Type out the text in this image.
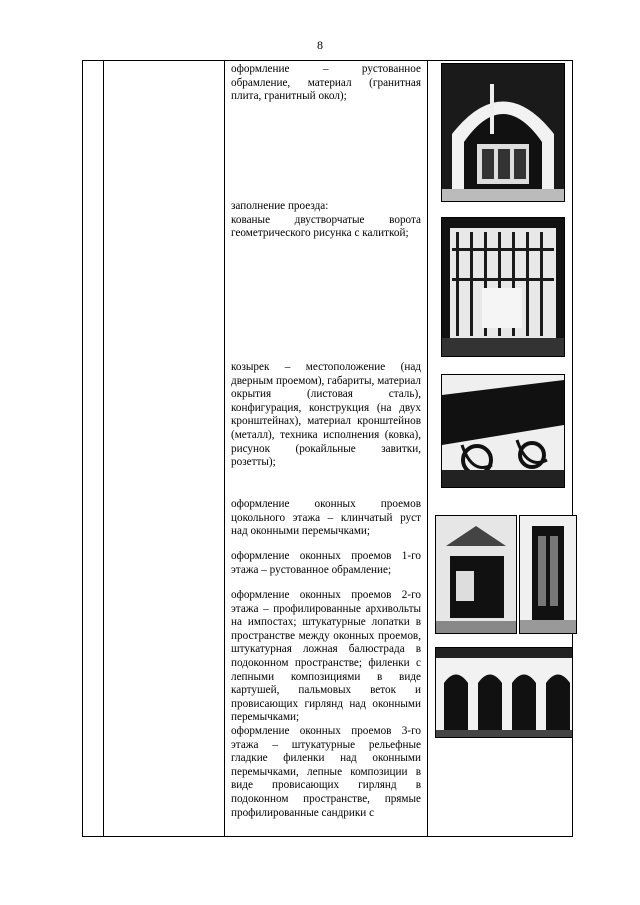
8

оформление – рустованное обрамление, материал (гранитная плита, гранитный окол);

заполнение проезда:

кованые двустворчатые ворота геометрического рисунка с калиткой;

козырек – местоположение (над дверным проемом), габариты, материал окрытия (листовая сталь), конфигурация, конструкция (на двух кронштейнах), материал кронштейнов (металл), техника исполнения (ковка), рисунок (рокайльные завитки, розетты);

оформление оконных проемов цокольного этажа – клинчатый руст над оконными перемычками;

оформление оконных проемов 1-го этажа – рустованное обрамление;

оформление оконных проемов 2-го этажа – профилированные архивольты на импостах; штукатурные лопатки в пространстве между оконных проемов, штукатурная ложная балюстрада в подоконном пространстве; филенки с лепными композициями в виде картушей, пальмовых веток и провисающих гирлянд над оконными перемычками;

оформление оконных проемов 3-го этажа – штукатурные рельефные гладкие филенки над оконными перемычками, лепные композиции в виде провисающих гирлянд в подоконном пространстве, прямые профилированные сандрики с
